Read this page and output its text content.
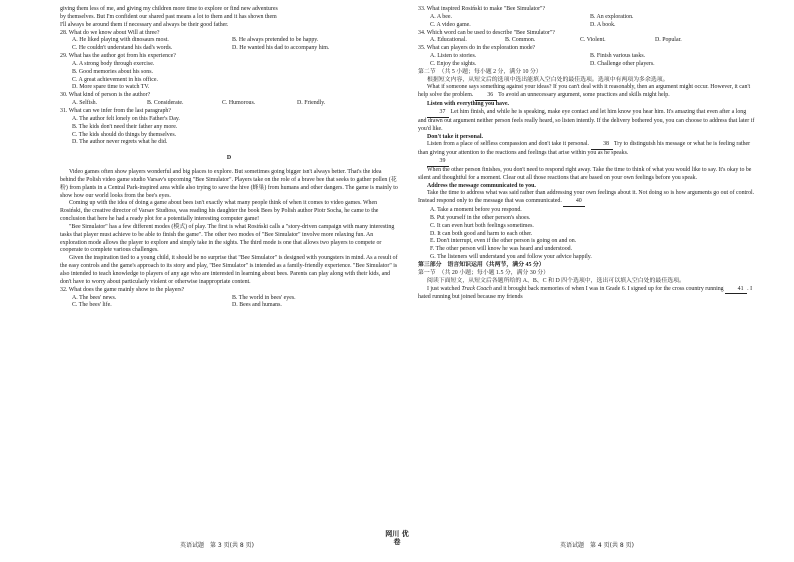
giving them less of me, and giving my children more time to explore or find new adventures

by themselves. But I'm confident our shared past means a lot to them and it has shown them

I'll always be around them if necessary and always be their good father.

28. What do we know about Will at three?

A. He liked playing with dinosaurs most.	B. He always pretended to be happy.
C. He couldn't understand his dad's words.	D. He wanted his dad to accompany him.

29. What has the author got from his experience?

A. A strong body through exercise.
B. Good memories about his sons.
C. A great achievement in his office.
D. More spare time to watch TV.

30. What kind of person is the author?

A. Selfish.	B. Considerate.	C. Humorous.	D. Friendly.

31. What can we infer from the last paragraph?

A. The author felt lonely on this Father's Day.
B. The kids don't need their father any more.
C. The kids should do things by themselves.
D. The author never regrets what he did.

D

Video games often show players wonderful and big places to explore. But sometimes going bigger isn't always better. That's the idea behind the Polish video game studio Varsav's upcoming "Bee Simulator". Players take on the role of a brave bee that seeks to gather pollen (花粉) from plants in a Central Park-inspired area while also trying to save the hive (蜂巢) from humans and other dangers. The game is mainly to show how our world looks from the bee's eyes.

Coming up with the idea of doing a game about bees isn't exactly what many people think of when it comes to video games. When Rosiński, the creative director of Varsav Studioss, was reading his daughter the book Bees by Polish author Piotr Socha, he came to the conclusion that here he had a ready plot for a potentially interesting computer game!

"Bee Simulator" has a few different modes (模式) of play. The first is what Rosiński calls a "story-driven campaign with many interesting tasks that player must achieve to be able to finish the game". The other two modes of "Bee Simulator" involve more relaxing fun. An exploration mode allows the player to explore and simply take in the sights. The third mode is one that allows two players to compete or cooperate to complete various challenges.

Given the inspiration tied to a young child, it should be no surprise that "Bee Simulator" is designed with youngsters in mind. As a result of the easy controls and the game's approach to its story and play, "Bee Simulator" is intended as a family-friendly experience. "Bee Simulator" is also intended to teach knowledge to players of any age who are interested in learning about bees. Parents can play along with their kids, and don't have to worry about particularly violent or otherwise inappropriate content.

32. What does the game mainly show to the players?

A. The bees' news.	B. The world in bees' eyes.
C. The bees' life.	D. Bees and humans.

33. What inspired Rosiński to make "Bee Simulator"?

A. A bee.	B. An exploration.
C. A video game.	D. A book.

34. Which word can be used to describe "Bee Simulator"?

A. Educational.	B. Common.	C. Violent.	D. Popular.

35. What can players do in the exploration mode?

A. Listen to stories.	B. Finish various tasks.
C. Enjoy the sights.	D. Challenge other players.

第二节　（共 5 小题；每小题 2 分，满分 10 分）

根据短文内容，从短文后的选项中选出能填入空白处的最佳选项。选项中有两项为多余选项。

What if someone says something against your ideas? If you can't deal with it reasonably, then an argument might occur. However, it can't help solve the problem. 36 To avoid an unnecessary argument, some practices and skills might help.

Listen with everything you have.

37 Let him finish, and while he is speaking, make eye contact and let him know you hear him. It's amazing that even after a long and drawn out argument neither person feels really heard, so listen intently. If the delivery bothered you, you can choose to address that later if you'd like.

Don't take it personal.

Listen from a place of selfless compassion and don't take it personal. 38 Try to distinguish his message or what he is feeling rather than giving your attention to the reactions and feelings that arise within you as he speaks.

39

When the other person finishes, you don't need to respond right away. Take the time to think of what you would like to say. It's okay to be silent and thoughtful for a moment. Clear out all those reactions that are based on your own feelings before you speak.

Address the message communicated to you.

Take the time to address what was said rather than addressing your own feelings about it. Not doing so is how arguments go out of control. Instead respond only to the message that was communicated. 40

A. Take a moment before you respond.
B. Put yourself in the other person's shoes.
C. It can even hurt both feelings sometimes.
D. It can both good and harm to each other.
E. Don't interrupt, even if the other person is going on and on.
F. The other person will know he was heard and understood.
G. The listeners will understand you and follow your advice happily.

第三部分　语言知识运用（共两节，满分 45 分）

第一节　（共 20 小题；每小题 1.5 分，满分 30 分）

阅读下面短文，从短文后各题所给的 A、B、C 和 D 四个选项中，选出可以填入空白处的最佳选项。

I just watched Track Coach and it brought back memories of when I was in Grade 6. I signed up for the cross country running 41 . I hated running but joined because my friends

英语试题　第 3 页(共 8 页)
网川 优卷	英语试题　第 4 页(共 8 页)
